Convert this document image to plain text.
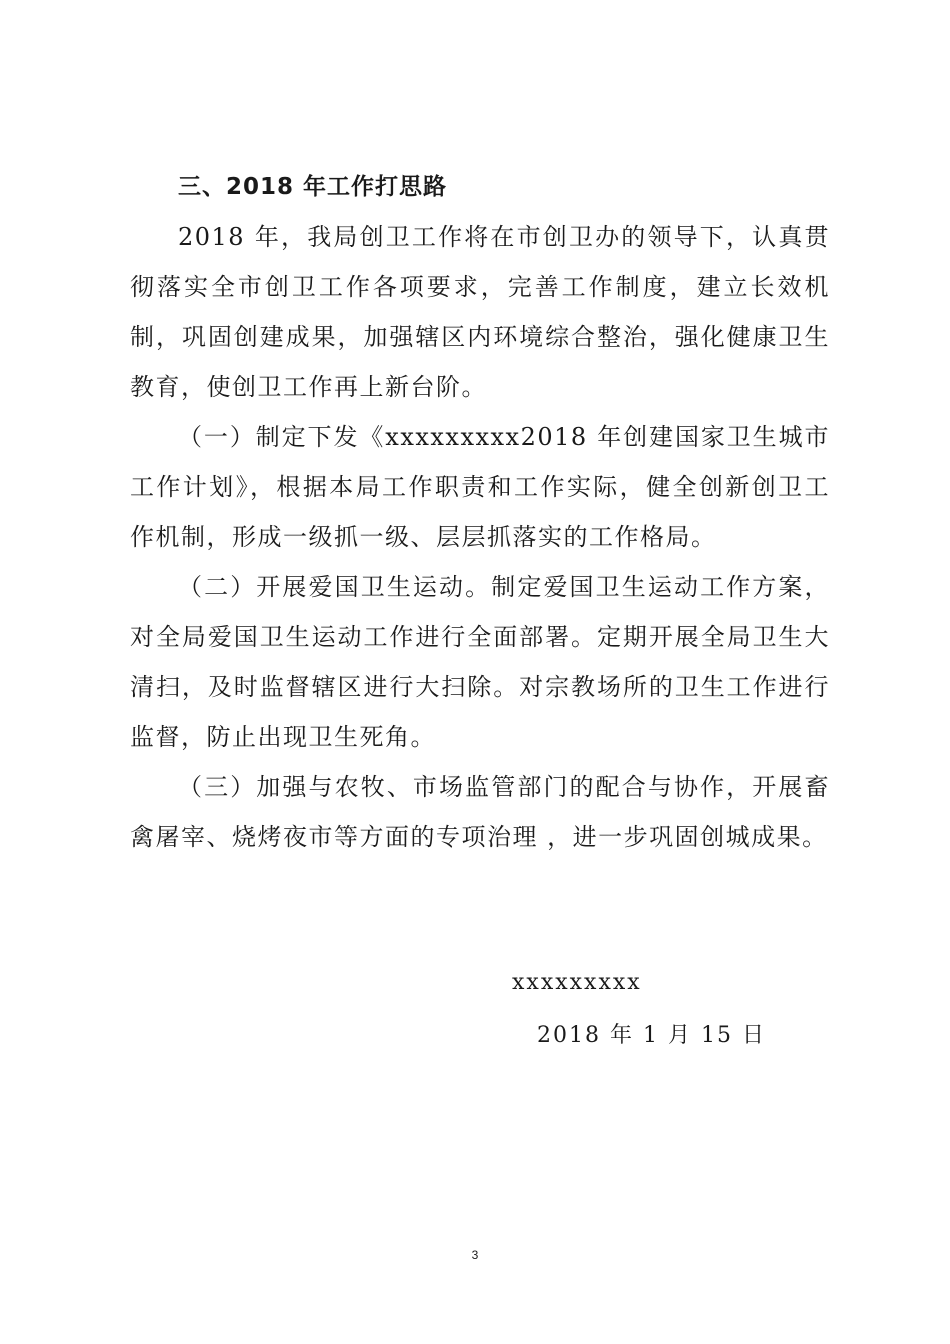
三、2018 年工作打思路

2018 年，我局创卫工作将在市创卫办的领导下，认真贯彻落实全市创卫工作各项要求，完善工作制度，建立长效机制，巩固创建成果，加强辖区内环境综合整治，强化健康卫生教育，使创卫工作再上新台阶。

（一）制定下发《xxxxxxxxx2018 年创建国家卫生城市工作计划》，根据本局工作职责和工作实际，健全创新创卫工作机制，形成一级抓一级、层层抓落实的工作格局。

（二）开展爱国卫生运动。制定爱国卫生运动工作方案，对全局爱国卫生运动工作进行全面部署。定期开展全局卫生大清扫，及时监督辖区进行大扫除。对宗教场所的卫生工作进行监督，防止出现卫生死角。

（三）加强与农牧、市场监管部门的配合与协作，开展畜禽屠宰、烧烤夜市等方面的专项治理 ，进一步巩固创城成果。

xxxxxxxxx
2018 年 1 月 15 日
3
